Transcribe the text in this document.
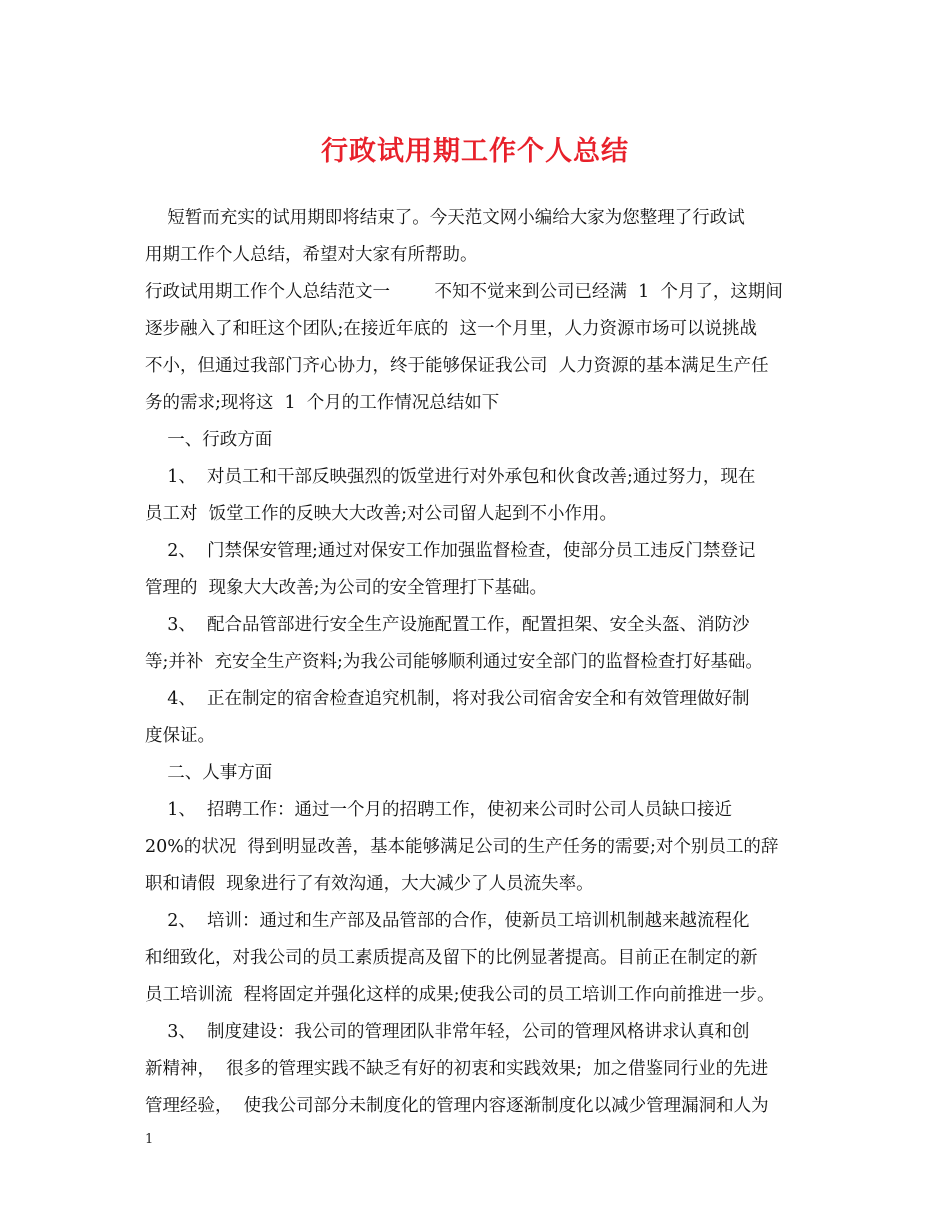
行政试用期工作个人总结
短暂而充实的试用期即将结束了。今天范文网小编给大家为您整理了行政试
用期工作个人总结，希望对大家有所帮助。
行政试用期工作个人总结范文一        不知不觉来到公司已经满  1  个月了，这期间
逐步融入了和旺这个团队;在接近年底的  这一个月里，人力资源市场可以说挑战
不小，但通过我部门齐心协力，终于能够保证我公司  人力资源的基本满足生产任
务的需求;现将这  1  个月的工作情况总结如下
一、行政方面
1、  对员工和干部反映强烈的饭堂进行对外承包和伙食改善;通过努力，现在
员工对  饭堂工作的反映大大改善;对公司留人起到不小作用。
2、  门禁保安管理;通过对保安工作加强监督检查，使部分员工违反门禁登记
管理的  现象大大改善;为公司的安全管理打下基础。
3、  配合品管部进行安全生产设施配置工作，配置担架、安全头盔、消防沙
等;并补  充安全生产资料;为我公司能够顺利通过安全部门的监督检查打好基础。
4、  正在制定的宿舍检查追究机制，将对我公司宿舍安全和有效管理做好制
度保证。
二、人事方面
1、  招聘工作：通过一个月的招聘工作，使初来公司时公司人员缺口接近
20%的状况  得到明显改善，基本能够满足公司的生产任务的需要;对个别员工的辞
职和请假  现象进行了有效沟通，大大减少了人员流失率。
2、  培训：通过和生产部及品管部的合作，使新员工培训机制越来越流程化
和细致化，对我公司的员工素质提高及留下的比例显著提高。目前正在制定的新
员工培训流  程将固定并强化这样的成果;使我公司的员工培训工作向前推进一步。
3、  制度建设：我公司的管理团队非常年轻，公司的管理风格讲求认真和创
新精神，  很多的管理实践不缺乏有好的初衷和实践效果;  加之借鉴同行业的先进
管理经验，  使我公司部分未制度化的管理内容逐渐制度化以减少管理漏洞和人为
1
